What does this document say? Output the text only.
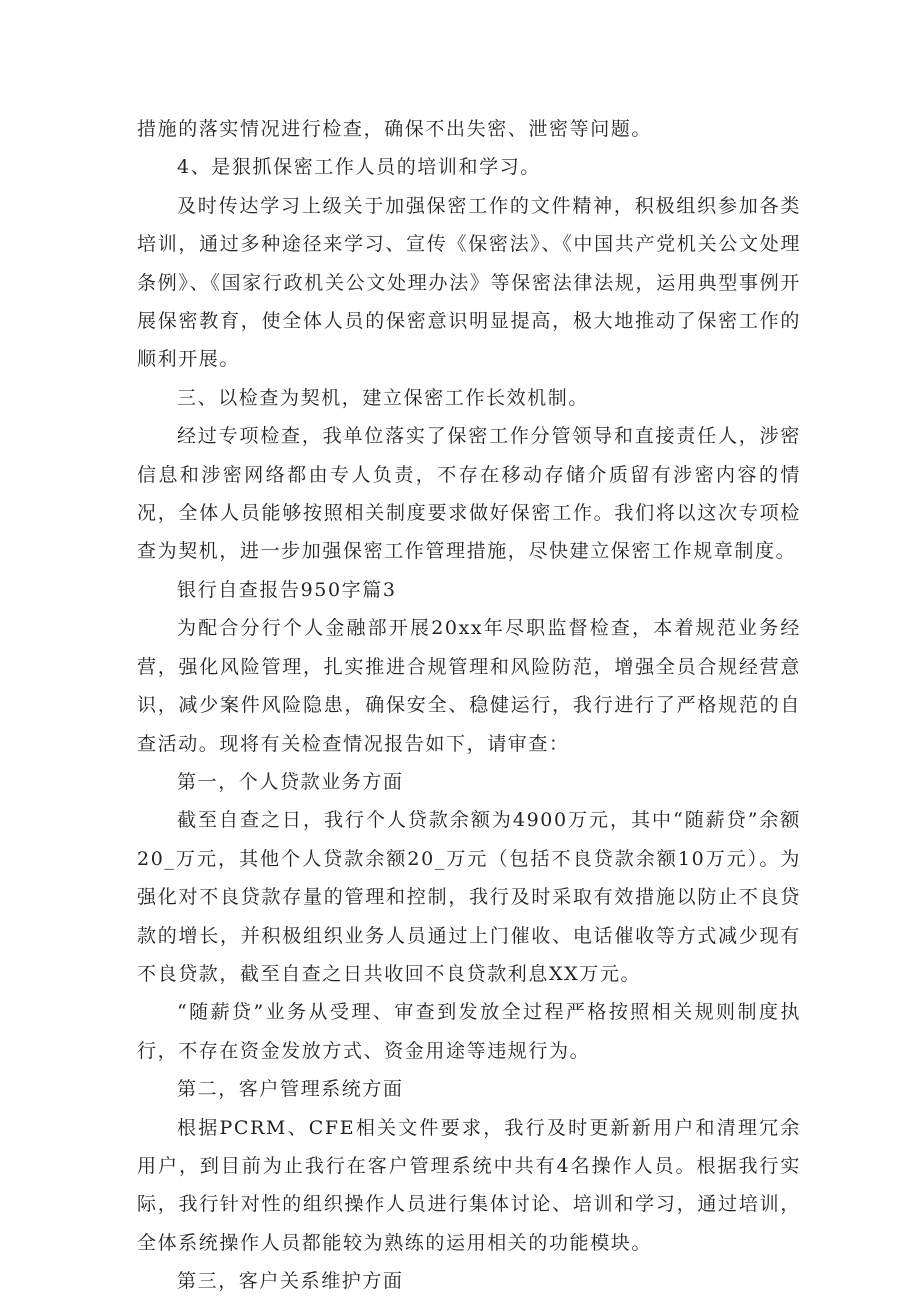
措施的落实情况进行检查，确保不出失密、泄密等问题。

4、是狠抓保密工作人员的培训和学习。

及时传达学习上级关于加强保密工作的文件精神，积极组织参加各类培训，通过多种途径来学习、宣传《保密法》、《中国共产党机关公文处理条例》、《国家行政机关公文处理办法》等保密法律法规，运用典型事例开展保密教育，使全体人员的保密意识明显提高，极大地推动了保密工作的顺利开展。

三、以检查为契机，建立保密工作长效机制。

经过专项检查，我单位落实了保密工作分管领导和直接责任人，涉密信息和涉密网络都由专人负责，不存在移动存储介质留有涉密内容的情况，全体人员能够按照相关制度要求做好保密工作。我们将以这次专项检查为契机，进一步加强保密工作管理措施，尽快建立保密工作规章制度。

银行自查报告950字篇3

为配合分行个人金融部开展20xx年尽职监督检查，本着规范业务经营，强化风险管理，扎实推进合规管理和风险防范，增强全员合规经营意识，减少案件风险隐患，确保安全、稳健运行，我行进行了严格规范的自查活动。现将有关检查情况报告如下，请审查：

第一，个人贷款业务方面

截至自查之日，我行个人贷款余额为4900万元，其中“随薪贷”余额20_万元，其他个人贷款余额20_万元（包括不良贷款余额10万元）。为强化对不良贷款存量的管理和控制，我行及时采取有效措施以防止不良贷款的增长，并积极组织业务人员通过上门催收、电话催收等方式减少现有不良贷款，截至自查之日共收回不良贷款利息XX万元。

“随薪贷”业务从受理、审查到发放全过程严格按照相关规则制度执行，不存在资金发放方式、资金用途等违规行为。

第二，客户管理系统方面

根据PCRM、CFE相关文件要求，我行及时更新新用户和清理冗余用户，到目前为止我行在客户管理系统中共有4名操作人员。根据我行实际，我行针对性的组织操作人员进行集体讨论、培训和学习，通过培训，全体系统操作人员都能较为熟练的运用相关的功能模块。

第三，客户关系维护方面
